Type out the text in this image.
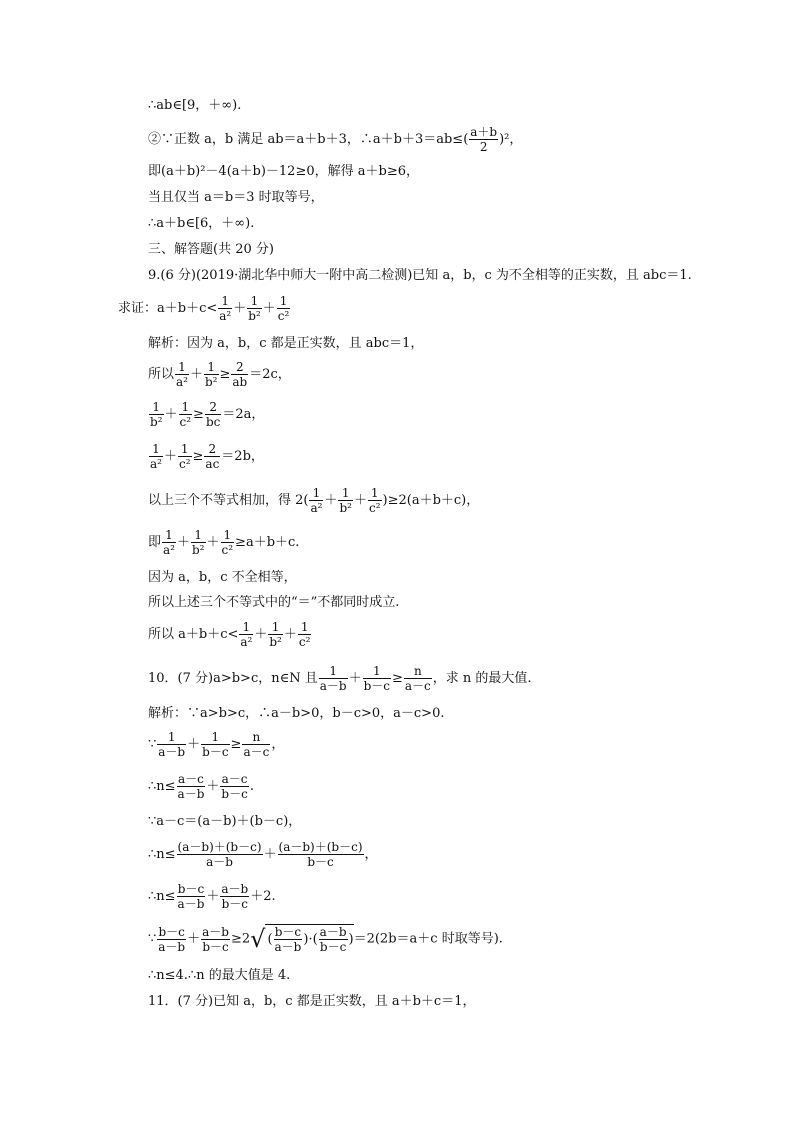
∴ab∈[9，＋∞).
②∵正数 a，b 满足 ab＝a＋b＋3，∴a＋b＋3＝ab≤( $\frac{a+b}{2} )^2$，
即(a＋b)²－4(a＋b)－12≥0，解得 a＋b≥6，
当且仅当 a＝b＝3 时取等号，
∴a＋b∈[6，＋∞).
三、解答题(共 20 分)
9.(6 分)(2019·湖北华中师大一附中高二检测)已知 a，b，c 为不全相等的正实数，且 abc＝1.
求证：$a+b+c< \frac{1}{\text{a²}} + \frac{1}{\text{b²}} + \frac{1}{\text{c²}}$
解析：因为 a，b，c 都是正实数，且 abc＝1，
所以 $\frac{1}{\text{a²}} + \frac{1}{\text{b²}} \ge \frac{2}{ab} =2c$，
$\frac{1}{\text{b²}} + \frac{1}{\text{c²}} \ge \frac{2}{bc} =2a$，
$\frac{1}{\text{a²}} + \frac{1}{\text{c²}} \ge \frac{2}{ac} =2b$，
以上三个不等式相加，得 $2( \frac{1}{\text{a²}} + \frac{1}{\text{b²}} + \frac{1}{\text{c²}} )\ge 2(a+b+c)$，
即 $\frac{1}{\text{a²}} + \frac{1}{\text{b²}} + \frac{1}{\text{c²}} \ge a+b+c$.
因为 a，b，c 不全相等，
所以上述三个不等式中的“＝”不都同时成立.
所以 $a+b+c< \frac{1}{\text{a²}} + \frac{1}{\text{b²}} + \frac{1}{\text{c²}}$
10．(7 分)a>b>c，n∈N 且 $\frac{1}{a-b} + \frac{1}{b-c} \ge \frac{n}{a-c}$ ，求 n 的最大值.
解析：∵a>b>c，∴a－b>0，b－c>0，a－c>0.
∵ $\frac{1}{a-b} + \frac{1}{b-c} \ge \frac{n}{a-c}$ ，
∴n≤ $\frac{a-c}{a-b} + \frac{a-c}{b-c}$ .
∵a－c＝(a－b)＋(b－c)，
∴n≤ $\frac{(a-b)+(b-c)}{a-b} + \frac{(a-b)+(b-c)}{b-c}$ ，
∴n≤ $\frac{b-c}{a-b} + \frac{a-b}{b-c} +2$.
∵ $\frac{b-c}{a-b} + \frac{a-b}{b-c} \ge 2√$ ( $\frac{b-c}{a-b}$ )·( $\frac{a-b}{b-c} )=2(2b=a+c$ 时取等号).
∴n≤4.∴n 的最大值是 4.
11．(7 分)已知 a，b，c 都是正实数，且 a＋b＋c＝1，
